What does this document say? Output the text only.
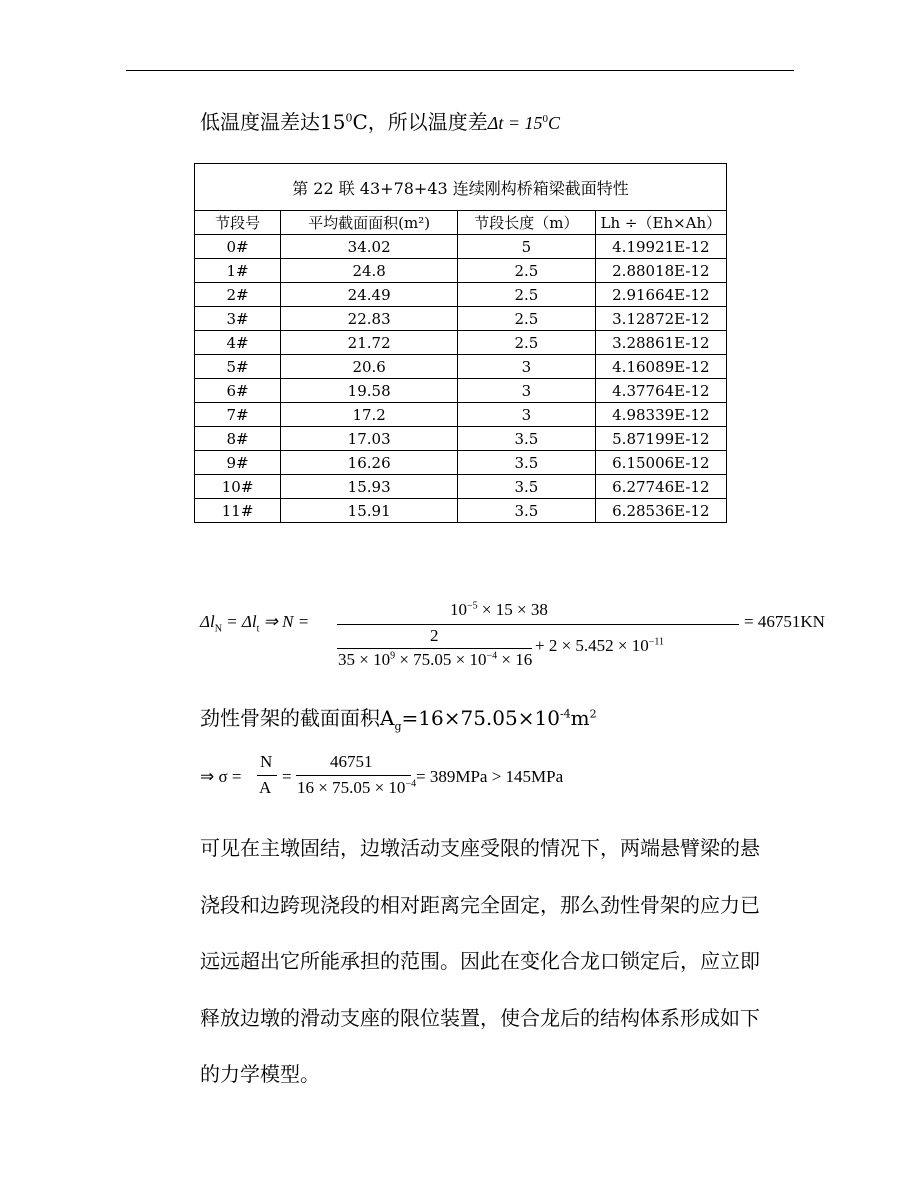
低温度温差达$15^0C$，所以温度差$\Delta t = 15^0C$
第 22 联 43+78+43 连续刚构桥箱梁截面特性			
节段号	平均截面面积(m²)	节段长度（m）	Lh ÷（Eh×Ah）
0#	34.02	5	4.19921E-12
1#	24.8	2.5	2.88018E-12
2#	24.49	2.5	2.91664E-12
3#	22.83	2.5	3.12872E-12
4#	21.72	2.5	3.28861E-12
5#	20.6	3	4.16089E-12
6#	19.58	3	4.37764E-12
7#	17.2	3	4.98339E-12
8#	17.03	3.5	5.87199E-12
9#	16.26	3.5	6.15006E-12
10#	15.93	3.5	6.27746E-12
11#	15.91	3.5	6.28536E-12
$\Delta l_N = \Delta l_t$ ⇒ N =
$10^{-5} \times 15 \times 38$
2
$35 \times 10^9 \times 75.05 \times 10^{-4} \times 16$
+ $2 \times 5.452 \times 10^{-11}$
= 46751KN
劲性骨架的截面面积$A_g=16\times 75.05\times 10^{-4}m^2$
⇒ σ =
N
A
=
46751
$16 \times 75.05 \times 10^{-4} = 389MPa > 145MPa$

可见在主墩固结，边墩活动支座受限的情况下，两端悬臂梁的悬

浇段和边跨现浇段的相对距离完全固定，那么劲性骨架的应力已

远远超出它所能承担的范围。因此在变化合龙口锁定后，应立即

释放边墩的滑动支座的限位装置，使合龙后的结构体系形成如下

的力学模型。
